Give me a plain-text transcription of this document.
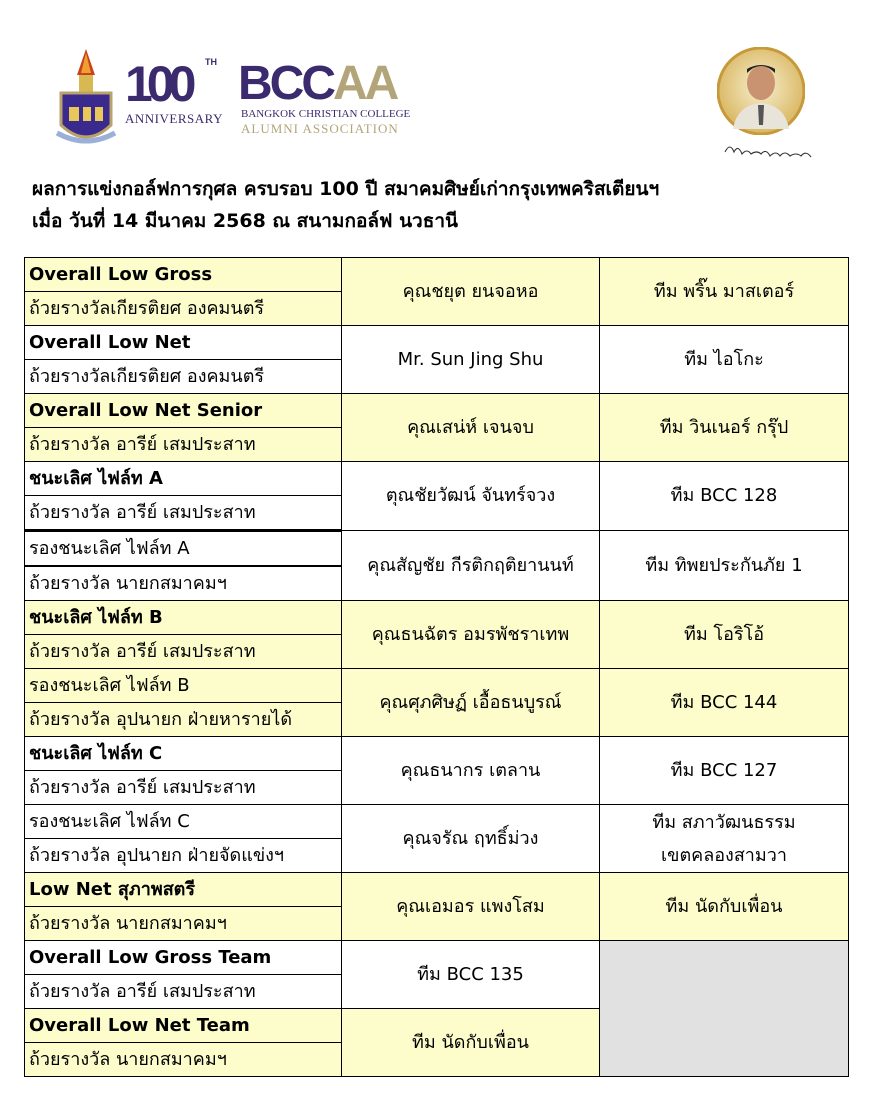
100 TH
ANNIVERSARY
BCCAA
BANGKOK CHRISTIAN COLLEGE
ALUMNI ASSOCIATION
ผลการแข่งกอล์ฟการกุศล ครบรอบ 100 ปี สมาคมศิษย์เก่ากรุงเทพคริสเตียนฯ
เมื่อ วันที่ 14 มีนาคม 2568 ณ สนามกอล์ฟ นวธานี
Overall Low Gross	คุณชยุต ยนจอหอ	ทีม พริ๊น มาสเตอร์
ถ้วยรางวัลเกียรติยศ องคมนตรี		
Overall Low Net	Mr. Sun Jing Shu	ทีม ไอโกะ
ถ้วยรางวัลเกียรติยศ องคมนตรี		
Overall Low Net Senior	คุณเสน่ห์ เจนจบ	ทีม วินเนอร์ กรุ๊ป
ถ้วยรางวัล อารีย์ เสมประสาท		
ชนะเลิศ ไฟล์ท A	ตุณชัยวัฒน์ จันทร์จวง	ทีม BCC 128
ถ้วยรางวัล อารีย์ เสมประสาท		
รองชนะเลิศ ไฟล์ท A	คุณสัญชัย กีรติกฤติยานนท์	ทีม ทิพยประกันภัย 1
ถ้วยรางวัล นายกสมาคมฯ		
ชนะเลิศ ไฟล์ท B	คุณธนฉัตร อมรพัชราเทพ	ทีม โอริโอ้
ถ้วยรางวัล อารีย์ เสมประสาท		
รองชนะเลิศ ไฟล์ท B	คุณศุภศิษฏ์ เอื้อธนบูรณ์	ทีม BCC 144
ถ้วยรางวัล อุปนายก ฝ่ายหารายได้		
ชนะเลิศ ไฟล์ท C	คุณธนากร เตลาน	ทีม BCC 127
ถ้วยรางวัล อารีย์ เสมประสาท		
รองชนะเลิศ ไฟล์ท C	คุณจรัณ ฤทธิ์ม่วง	ทีม สภาวัฒนธรรม
เขตคลองสามวา

ถ้วยรางวัล อุปนายก ฝ่ายจัดแข่งฯ		
Low Net สุภาพสตรี	คุณเอมอร แพงโสม	ทีม นัดกับเพื่อน
ถ้วยรางวัล นายกสมาคมฯ		
Overall Low Gross Team	ทีม BCC 135	
ถ้วยรางวัล อารีย์ เสมประสาท		
Overall Low Net Team	ทีม นัดกับเพื่อน	
ถ้วยรางวัล นายกสมาคมฯ		
